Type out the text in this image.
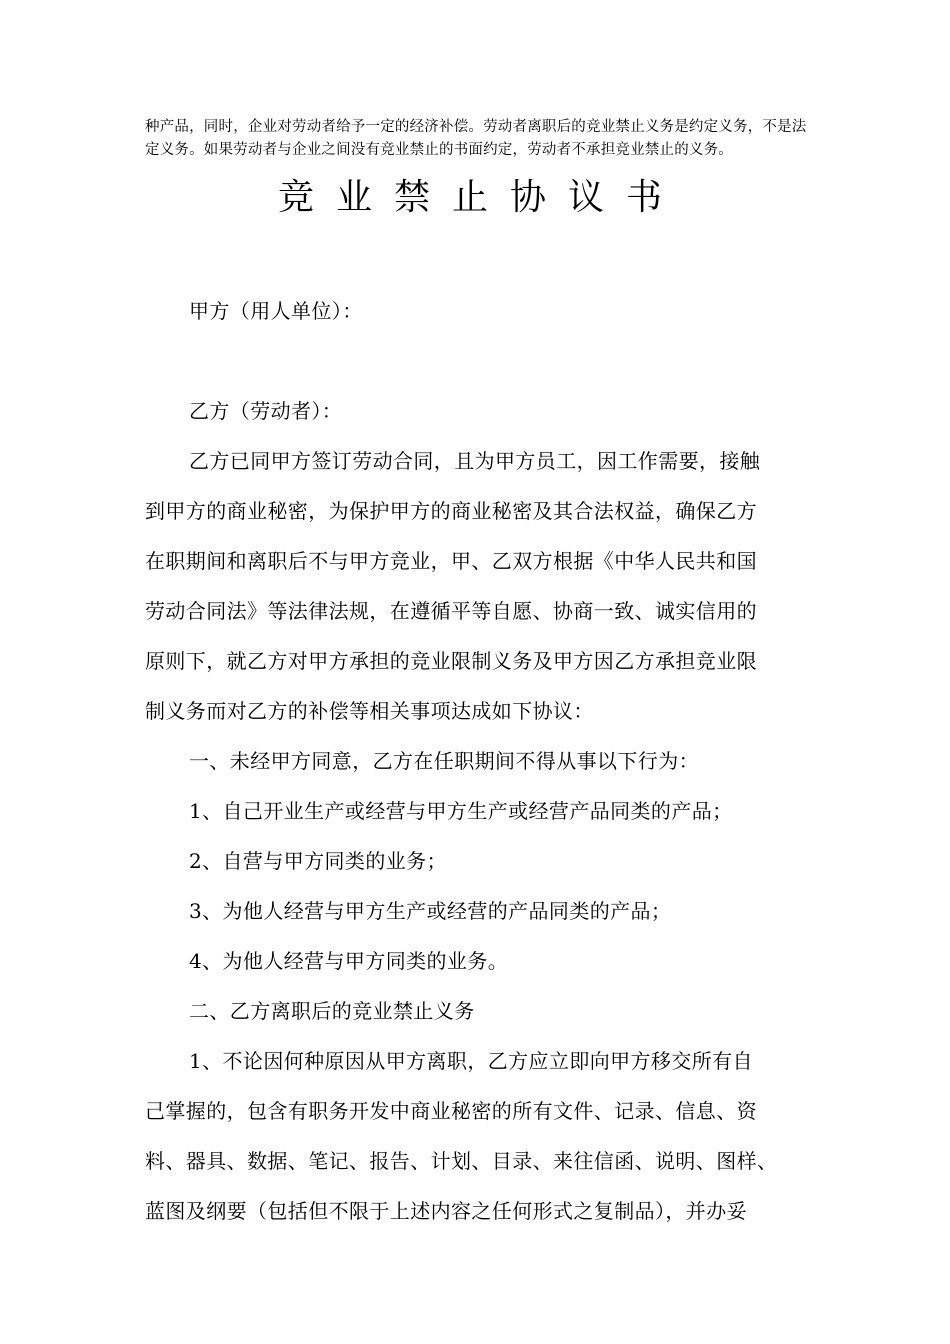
种产品，同时，企业对劳动者给予一定的经济补偿。劳动者离职后的竞业禁止义务是约定义务，不是法定义务。如果劳动者与企业之间没有竞业禁止的书面约定，劳动者不承担竞业禁止的义务。

竞业禁止协议书

甲方（用人单位）：

乙方（劳动者）：

乙方已同甲方签订劳动合同，且为甲方员工，因工作需要，接触

到甲方的商业秘密，为保护甲方的商业秘密及其合法权益，确保乙方

在职期间和离职后不与甲方竞业，甲、乙双方根据《中华人民共和国

劳动合同法》等法律法规，在遵循平等自愿、协商一致、诚实信用的

原则下，就乙方对甲方承担的竞业限制义务及甲方因乙方承担竞业限

制义务而对乙方的补偿等相关事项达成如下协议：

一、未经甲方同意，乙方在任职期间不得从事以下行为：

1、自己开业生产或经营与甲方生产或经营产品同类的产品；

2、自营与甲方同类的业务；

3、为他人经营与甲方生产或经营的产品同类的产品；

4、为他人经营与甲方同类的业务。

二、乙方离职后的竞业禁止义务

1、不论因何种原因从甲方离职，乙方应立即向甲方移交所有自

己掌握的，包含有职务开发中商业秘密的所有文件、记录、信息、资

料、器具、数据、笔记、报告、计划、目录、来往信函、说明、图样、

蓝图及纲要（包括但不限于上述内容之任何形式之复制品），并办妥
